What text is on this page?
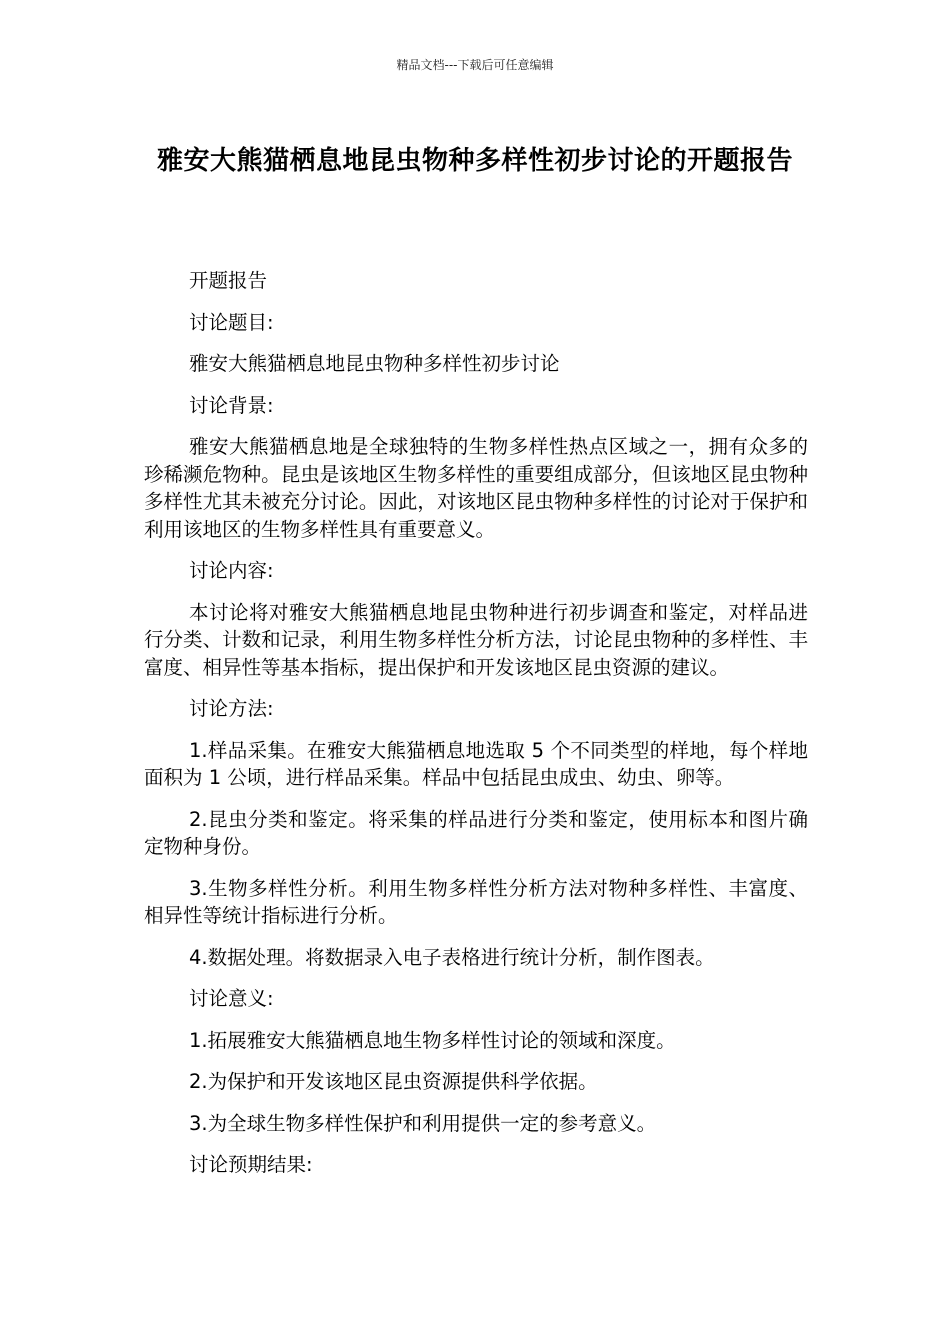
精品文档---下载后可任意编辑
雅安大熊猫栖息地昆虫物种多样性初步讨论的开题报告

开题报告

讨论题目:

雅安大熊猫栖息地昆虫物种多样性初步讨论

讨论背景:

雅安大熊猫栖息地是全球独特的生物多样性热点区域之一，拥有众多的珍稀濒危物种。昆虫是该地区生物多样性的重要组成部分，但该地区昆虫物种多样性尤其未被充分讨论。因此，对该地区昆虫物种多样性的讨论对于保护和利用该地区的生物多样性具有重要意义。

讨论内容:

本讨论将对雅安大熊猫栖息地昆虫物种进行初步调查和鉴定，对样品进行分类、计数和记录，利用生物多样性分析方法，讨论昆虫物种的多样性、丰富度、相异性等基本指标，提出保护和开发该地区昆虫资源的建议。

讨论方法:

1.样品采集。在雅安大熊猫栖息地选取 5 个不同类型的样地，每个样地面积为 1 公顷，进行样品采集。样品中包括昆虫成虫、幼虫、卵等。

2.昆虫分类和鉴定。将采集的样品进行分类和鉴定，使用标本和图片确定物种身份。

3.生物多样性分析。利用生物多样性分析方法对物种多样性、丰富度、相异性等统计指标进行分析。

4.数据处理。将数据录入电子表格进行统计分析，制作图表。

讨论意义:

1.拓展雅安大熊猫栖息地生物多样性讨论的领域和深度。

2.为保护和开发该地区昆虫资源提供科学依据。

3.为全球生物多样性保护和利用提供一定的参考意义。

讨论预期结果:
